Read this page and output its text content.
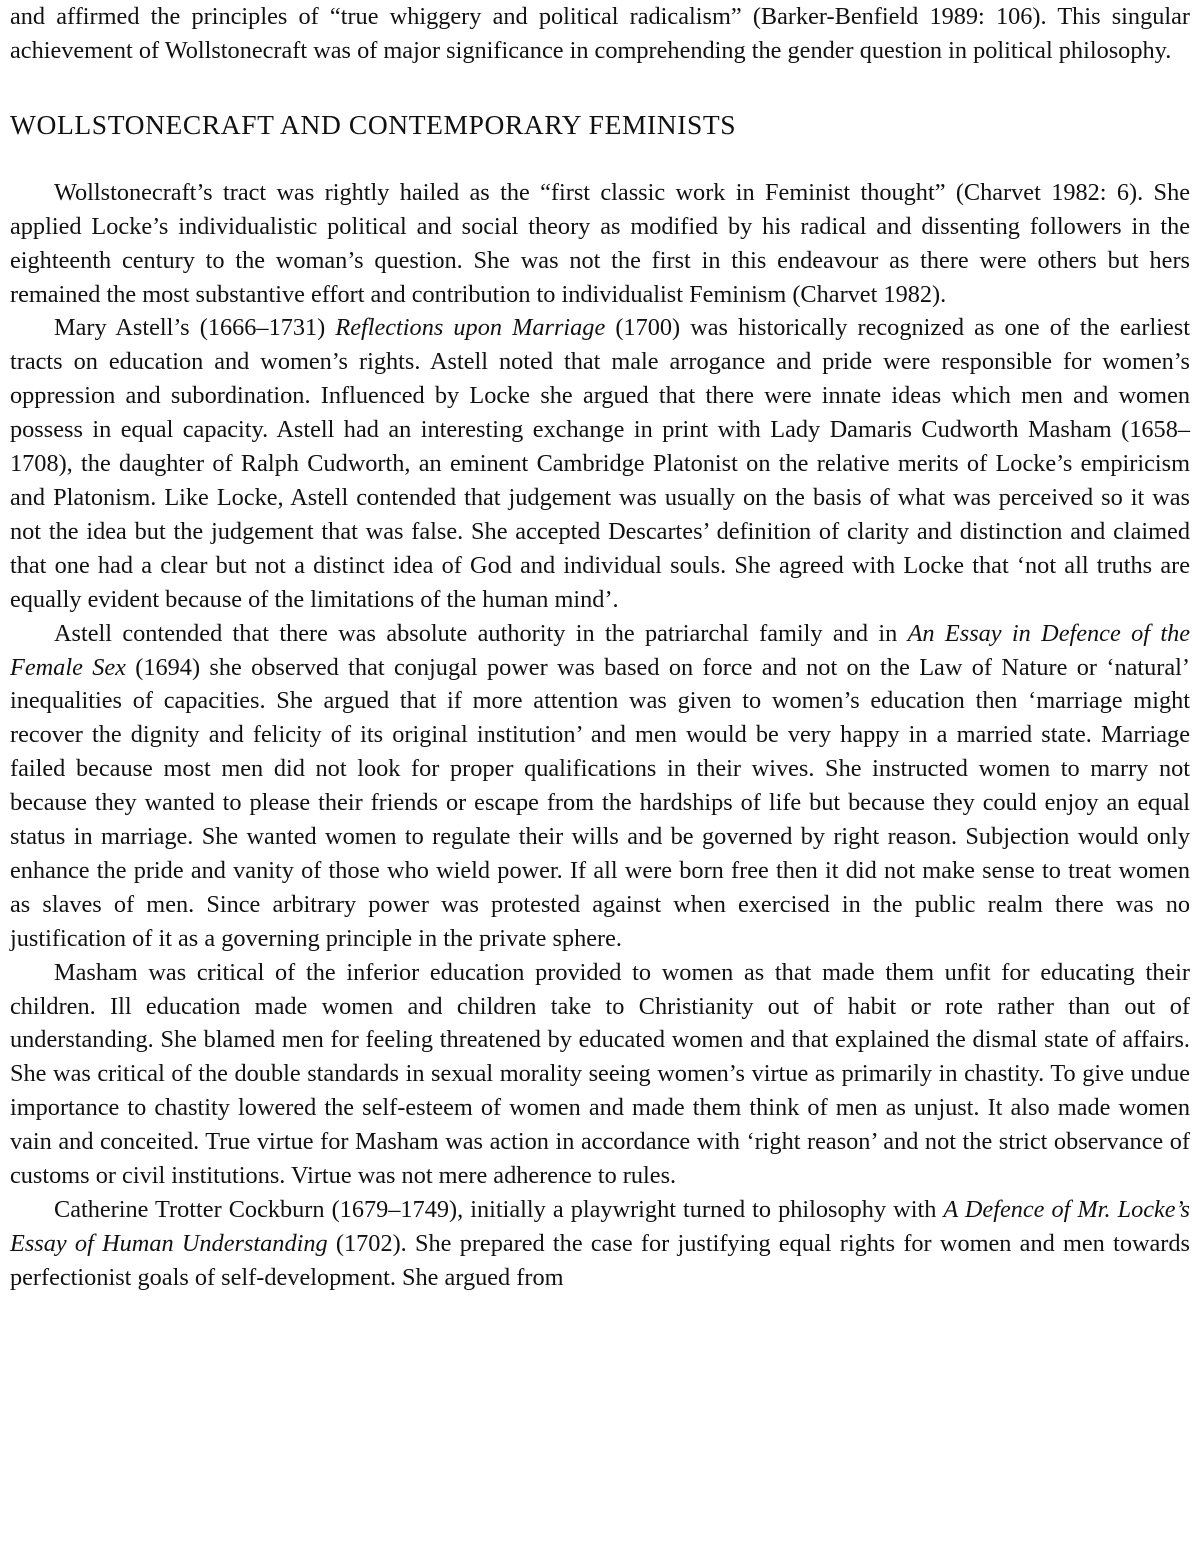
and affirmed the principles of “true whiggery and political radicalism” (Barker-Benfield 1989: 106). This singular achievement of Wollstonecraft was of major significance in comprehending the gender question in political philosophy.

WOLLSTONECRAFT AND CONTEMPORARY FEMINISTS

Wollstonecraft’s tract was rightly hailed as the “first classic work in Feminist thought” (Charvet 1982: 6). She applied Locke’s individualistic political and social theory as modified by his radical and dissenting followers in the eighteenth century to the woman’s question. She was not the first in this endeavour as there were others but hers remained the most substantive effort and contribution to individualist Feminism (Charvet 1982).

Mary Astell’s (1666–1731) Reflections upon Marriage (1700) was historically recognized as one of the earliest tracts on education and women’s rights. Astell noted that male arrogance and pride were responsible for women’s oppression and subordination. Influenced by Locke she argued that there were innate ideas which men and women possess in equal capacity. Astell had an interesting exchange in print with Lady Damaris Cudworth Masham (1658–1708), the daughter of Ralph Cudworth, an eminent Cambridge Platonist on the relative merits of Locke’s empiricism and Platonism. Like Locke, Astell contended that judgement was usually on the basis of what was perceived so it was not the idea but the judgement that was false. She accepted Descartes’ definition of clarity and distinction and claimed that one had a clear but not a distinct idea of God and individual souls. She agreed with Locke that ‘not all truths are equally evident because of the limitations of the human mind’.

Astell contended that there was absolute authority in the patriarchal family and in An Essay in Defence of the Female Sex (1694) she observed that conjugal power was based on force and not on the Law of Nature or ‘natural’ inequalities of capacities. She argued that if more attention was given to women’s education then ‘marriage might recover the dignity and felicity of its original institution’ and men would be very happy in a married state. Marriage failed because most men did not look for proper qualifications in their wives. She instructed women to marry not because they wanted to please their friends or escape from the hardships of life but because they could enjoy an equal status in marriage. She wanted women to regulate their wills and be governed by right reason. Subjection would only enhance the pride and vanity of those who wield power. If all were born free then it did not make sense to treat women as slaves of men. Since arbitrary power was protested against when exercised in the public realm there was no justification of it as a governing principle in the private sphere.

Masham was critical of the inferior education provided to women as that made them unfit for educating their children. Ill education made women and children take to Christianity out of habit or rote rather than out of understanding. She blamed men for feeling threatened by educated women and that explained the dismal state of affairs. She was critical of the double standards in sexual morality seeing women’s virtue as primarily in chastity. To give undue importance to chastity lowered the self-esteem of women and made them think of men as unjust. It also made women vain and conceited. True virtue for Masham was action in accordance with ‘right reason’ and not the strict observance of customs or civil institutions. Virtue was not mere adherence to rules.

Catherine Trotter Cockburn (1679–1749), initially a playwright turned to philosophy with A Defence of Mr. Locke’s Essay of Human Understanding (1702). She prepared the case for justifying equal rights for women and men towards perfectionist goals of self-development. She argued from
